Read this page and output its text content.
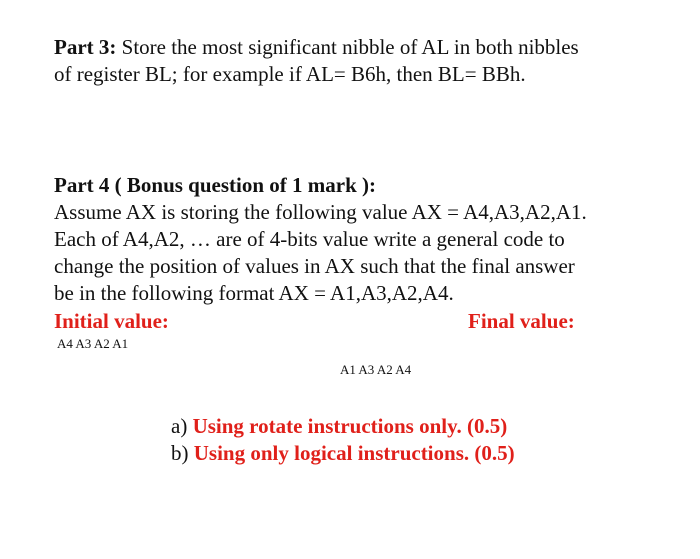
Part 3: Store the most significant nibble of AL in both nibbles
of register BL; for example if AL= B6h, then BL= BBh.
Part 4 ( Bonus question of 1 mark ):
Assume AX is storing the following value AX = A4,A3,A2,A1.
Each of A4,A2, … are of 4-bits value write a general code to
change the position of values in AX such that the final answer
be in the following format AX = A1,A3,A2,A4.
Initial value:	Final value:
A4 A3 A2 A1
A1 A3 A2 A4
a) Using rotate instructions only. (0.5)
b) Using only logical instructions. (0.5)
